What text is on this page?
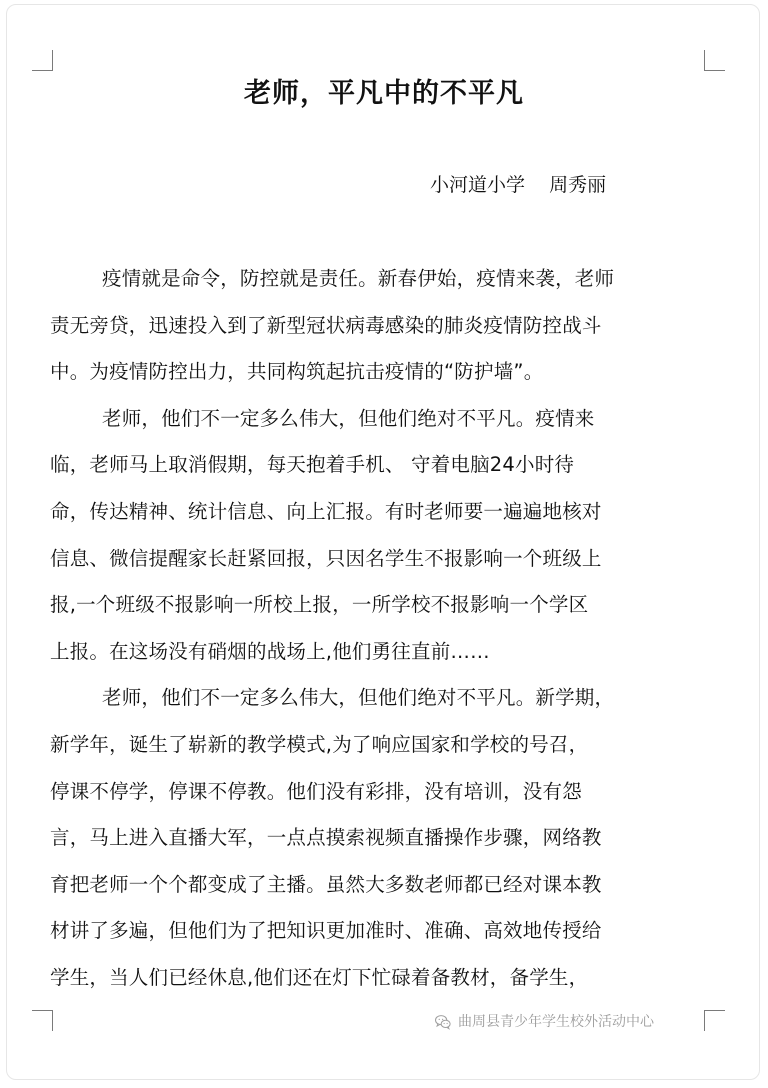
老师，平凡中的不平凡
小河道小学    周秀丽
疫情就是命令，防控就是责任。新春伊始，疫情来袭，老师
责无旁贷，迅速投入到了新型冠状病毒感染的肺炎疫情防控战斗
中。为疫情防控出力，共同构筑起抗击疫情的“防护墙”。
老师，他们不一定多么伟大，但他们绝对不平凡。疫情来
临，老师马上取消假期，每天抱着手机、 守着电脑24小时待
命，传达精神、统计信息、向上汇报。有时老师要一遍遍地核对
信息、微信提醒家长赶紧回报，只因名学生不报影响一个班级上
报,一个班级不报影响一所校上报，一所学校不报影响一个学区
上报。在这场没有硝烟的战场上,他们勇往直前……
老师，他们不一定多么伟大，但他们绝对不平凡。新学期，
新学年，诞生了崭新的教学模式,为了响应国家和学校的号召，
停课不停学，停课不停教。他们没有彩排，没有培训，没有怨
言，马上进入直播大军，一点点摸索视频直播操作步骤，网络教
育把老师一个个都变成了主播。虽然大多数老师都已经对课本教
材讲了多遍，但他们为了把知识更加准时、准确、高效地传授给
学生，当人们已经休息,他们还在灯下忙碌着备教材，备学生，
曲周县青少年学生校外活动中心
